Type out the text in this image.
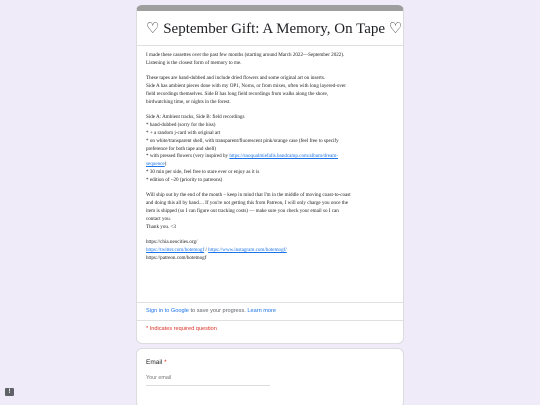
♡ September Gift: A Memory, On Tape ♡

I made these cassettes over the past few months (starting around March 2022—September 2022).

Listening is the closest form of memory to me.

These tapes are hand-dubbed and include dried flowers and some original art on inserts.

Side A has ambient pieces done with my OP1, Norns, or from mixes, often with long layered-over

field recordings themselves. Side B has long field recordings from walks along the shore,

birdwatching time, or nights in the forest.

Side A: Ambient tracks, Side B: field recordings

* hand-dubbed (sorry for the hiss)

* + a random j-card with original art

* on white/transparent shell, with transparent/fluorescent pink/orange case (feel free to specify

preference for both tape and shell)

* with pressed flowers (very inspired by https://snoqualmiefalls.bandcamp.com/album/dream-

sequence)

* 30 min per side, feel free to stare ever or enjoy as it is

* edition of ~20 (priority to patreons)

Will ship out by the end of the month – keep in mind that I'm in the middle of moving coast-to-coast

and doing this all by hand.... If you're not getting this from Patreon, I will only charge you once the

item is shipped (so I can figure out tracking costs) — make sure you check your email so I can

contact you.

Thank you. <3

https://chia.neocities.org/

https://twitter.com/hotemogf / https://www.instagram.com/hotemogf/

https://patreon.com/hotemogf

Sign in to Google to save your progress. Learn more
* Indicates required question
Email *
Your email
!
